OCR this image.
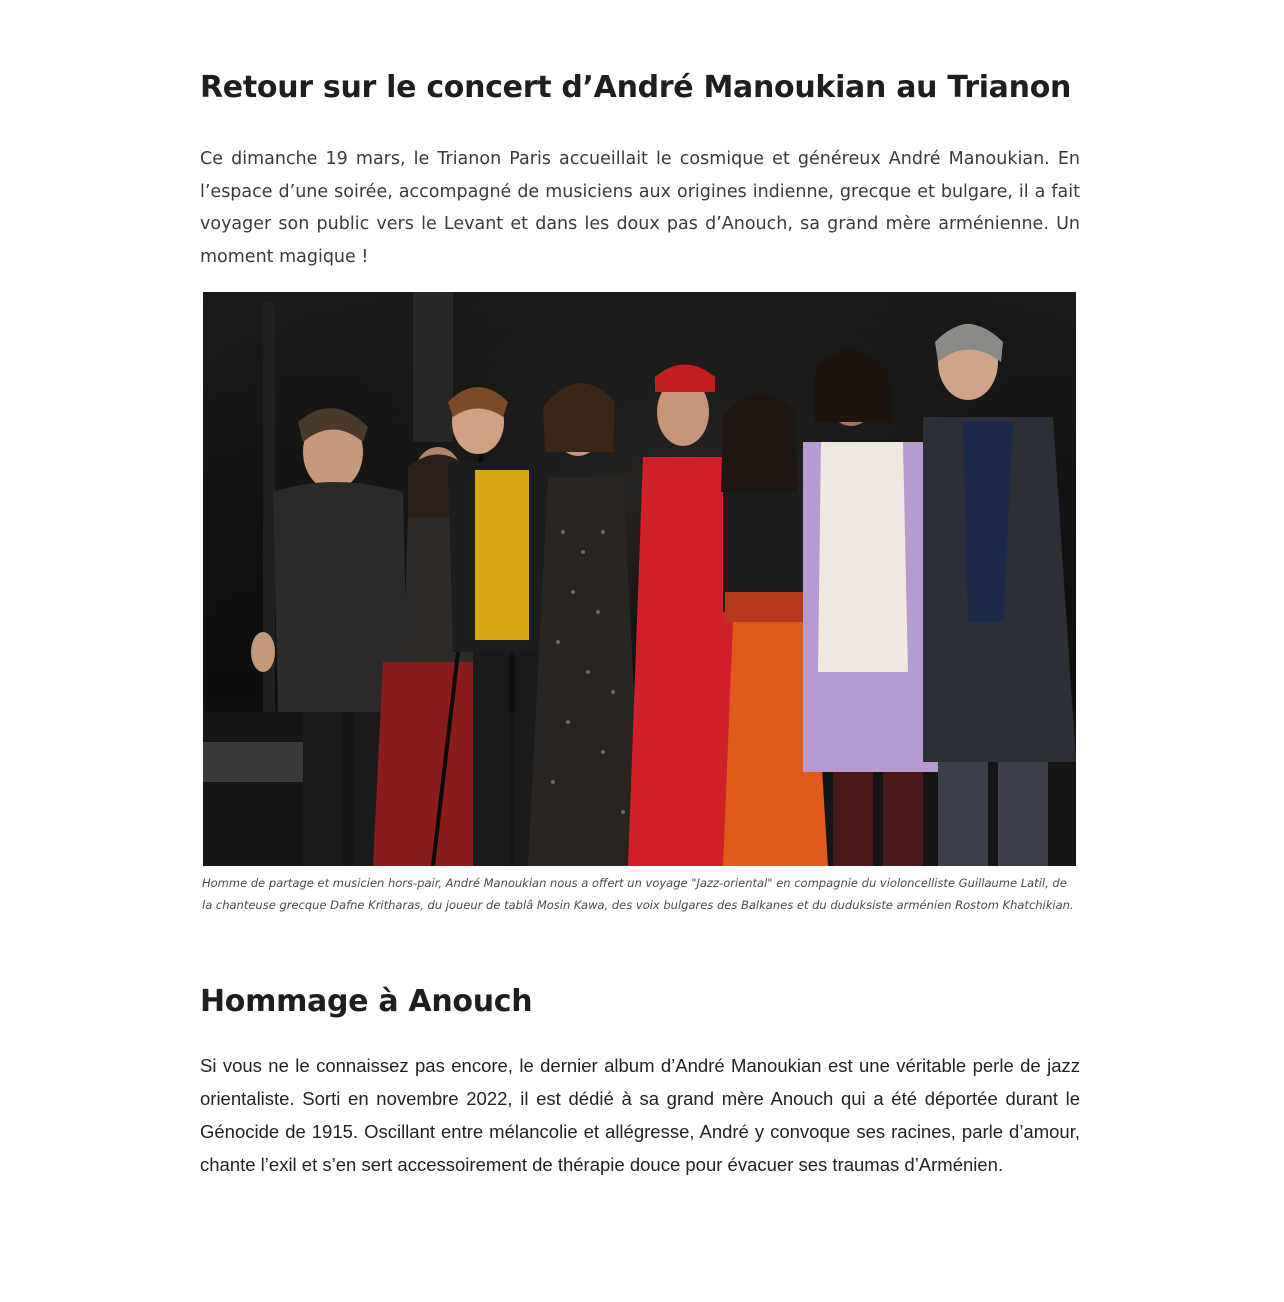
Retour sur le concert d’André Manoukian au Trianon

Ce dimanche 19 mars, le Trianon Paris accueillait le cosmique et généreux André Manoukian. En l’espace d’une soirée, accompagné de musiciens aux origines indienne, grecque et bulgare, il a fait voyager son public vers le Levant et dans les doux pas d’Anouch, sa grand mère arménienne. Un moment magique !

Homme de partage et musicien hors-pair, André Manoukian nous a offert un voyage "Jazz-oriental" en compagnie du violoncelliste Guillaume Latil, de la chanteuse grecque Dafne Kritharas, du joueur de tablâ Mosin Kawa, des voix bulgares des Balkanes et du duduksiste arménien Rostom Khatchikian.

Hommage à Anouch

Si vous ne le connaissez pas encore, le dernier album d’André Manoukian est une véritable perle de jazz orientaliste. Sorti en novembre 2022, il est dédié à sa grand mère Anouch qui a été déportée durant le Génocide de 1915. Oscillant entre mélancolie et allégresse, André y convoque ses racines, parle d’amour, chante l’exil et s’en sert accessoirement de thérapie douce pour évacuer ses traumas d’Arménien.
